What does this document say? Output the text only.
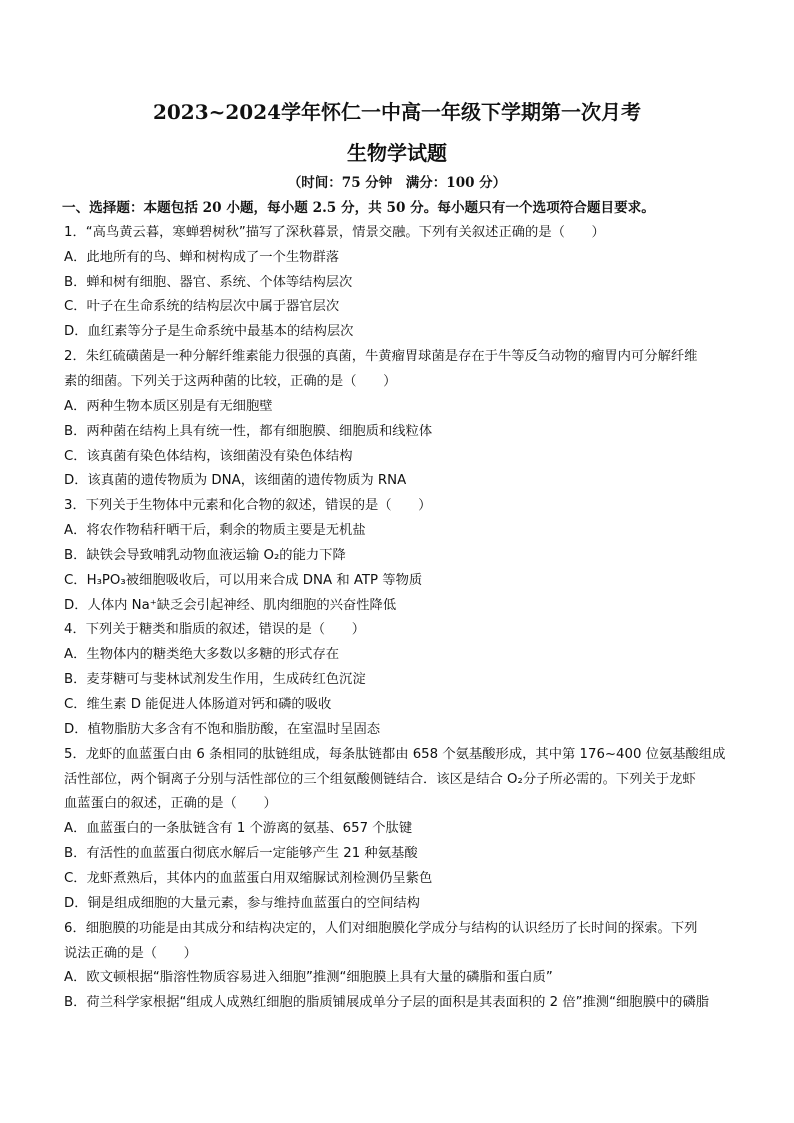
2023~2024学年怀仁一中高一年级下学期第一次月考
生物学试题
（时间：75 分钟　满分：100 分）
一、选择题：本题包括 20 小题，每小题 2.5 分，共 50 分。每小题只有一个选项符合题目要求。
1．“高鸟黄云暮，寒蝉碧树秋”描写了深秋暮景，情景交融。下列有关叙述正确的是（　　）
A．此地所有的鸟、蝉和树构成了一个生物群落
B．蝉和树有细胞、器官、系统、个体等结构层次
C．叶子在生命系统的结构层次中属于器官层次
D．血红素等分子是生命系统中最基本的结构层次
2．朱红硫磺菌是一种分解纤维素能力很强的真菌，牛黄瘤胃球菌是存在于牛等反刍动物的瘤胃内可分解纤维
素的细菌。下列关于这两种菌的比较，正确的是（　　）
A．两种生物本质区别是有无细胞壁
B．两种菌在结构上具有统一性，都有细胞膜、细胞质和线粒体
C．该真菌有染色体结构，该细菌没有染色体结构
D．该真菌的遗传物质为 DNA，该细菌的遗传物质为 RNA
3．下列关于生物体中元素和化合物的叙述，错误的是（　　）
A．将农作物秸秆晒干后，剩余的物质主要是无机盐
B．缺铁会导致哺乳动物血液运输 O₂的能力下降
C．H₃PO₃被细胞吸收后，可以用来合成 DNA 和 ATP 等物质
D．人体内 Na⁺缺乏会引起神经、肌肉细胞的兴奋性降低
4．下列关于糖类和脂质的叙述，错误的是（　　）
A．生物体内的糖类绝大多数以多糖的形式存在
B．麦芽糖可与斐林试剂发生作用，生成砖红色沉淀
C．维生素 D 能促进人体肠道对钙和磷的吸收
D．植物脂肪大多含有不饱和脂肪酸，在室温时呈固态
5．龙虾的血蓝蛋白由 6 条相同的肽链组成，每条肽链都由 658 个氨基酸形成，其中第 176~400 位氨基酸组成
活性部位，两个铜离子分别与活性部位的三个组氨酸侧链结合．该区是结合 O₂分子所必需的。下列关于龙虾
血蓝蛋白的叙述，正确的是（　　）
A．血蓝蛋白的一条肽链含有 1 个游离的氨基、657 个肽键
B．有活性的血蓝蛋白彻底水解后一定能够产生 21 种氨基酸
C．龙虾煮熟后，其体内的血蓝蛋白用双缩脲试剂检测仍呈紫色
D．铜是组成细胞的大量元素，参与维持血蓝蛋白的空间结构
6．细胞膜的功能是由其成分和结构决定的，人们对细胞膜化学成分与结构的认识经历了长时间的探索。下列
说法正确的是（　　）
A．欧文顿根据“脂溶性物质容易进入细胞”推测“细胞膜上具有大量的磷脂和蛋白质”
B．荷兰科学家根据“组成人成熟红细胞的脂质铺展成单分子层的面积是其表面积的 2 倍”推测“细胞膜中的磷脂
